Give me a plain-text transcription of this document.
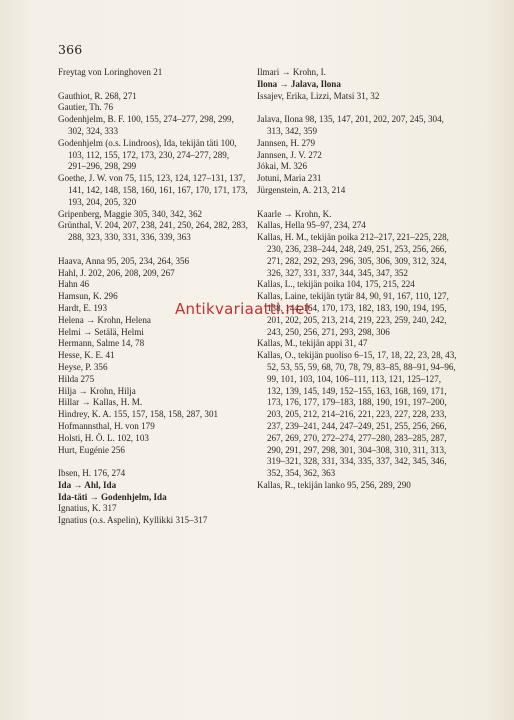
366
Freytag von Loringhoven 21
Gauthiot, R. 268, 271
Gautier, Th. 76
Godenhjelm, B. F. 100, 155, 274–277, 298, 299, 302, 324, 333
Godenhjelm (o.s. Lindroos), Ida, tekijän täti 100, 103, 112, 155, 172, 173, 230, 274–277, 289, 291–296, 298, 299
Goethe, J. W. von 75, 115, 123, 124, 127–131, 137, 141, 142, 148, 158, 160, 161, 167, 170, 171, 173, 193, 204, 205, 320
Gripenberg, Maggie 305, 340, 342, 362
Grünthal, V. 204, 207, 238, 241, 250, 264, 282, 283, 288, 323, 330, 331, 336, 339, 363
Haava, Anna 95, 205, 234, 264, 356
Hahl, J. 202, 206, 208, 209, 267
Hahn 46
Hamsun, K. 296
Hardt, E. 193
Helena → Krohn, Helena
Helmi → Setälä, Helmi
Hermann, Salme 14, 78
Hesse, K. E. 41
Heyse, P. 356
Hilda 275
Hilja → Krohn, Hilja
Hillar → Kallas, H. M.
Hindrey, K. A. 155, 157, 158, 158, 287, 301
Hofmannsthal, H. von 179
Holsti, H. Ö. L. 102, 103
Hurt, Eugénie 256
Ibsen, H. 176, 274
Ida → Ahl, Ida
Ida-täti → Godenhjelm, Ida
Ignatius, K. 317
Ignatius (o.s. Aspelin), Kyllikki 315–317
Ilmari → Krohn, I.
Ilona → Jalava, Ilona
Issajev, Erika, Lizzi, Matsi 31, 32
Jalava, Ilona 98, 135, 147, 201, 202, 207, 245, 304, 313, 342, 359
Jannsen, H. 279
Jannsen, J. V. 272
Jókai, M. 326
Jotuni, Maria 231
Jürgenstein, A. 213, 214
Kaarle → Krohn, K.
Kallas, Hella 95–97, 234, 274
Kallas, H. M., tekijän poika 212–217, 221–225, 228, 230, 236, 238–244, 248, 249, 251, 253, 256, 266, 271, 282, 292, 293, 296, 305, 306, 309, 312, 324, 326, 327, 331, 337, 344, 345, 347, 352
Kallas, L., tekijän poika 104, 175, 215, 224
Kallas, Laine, tekijän tytär 84, 90, 91, 167, 110, 127, 138, 144, 164, 170, 173, 182, 183, 190, 194, 195, 201, 202, 205, 213, 214, 219, 223, 259, 240, 242, 243, 250, 256, 271, 293, 298, 306
Kallas, M., tekijän appi 31, 47
Kallas, O., tekijän puoliso 6–15, 17, 18, 22, 23, 28, 43, 52, 53, 55, 59, 68, 70, 78, 79, 83–85, 88–91, 94–96, 99, 101, 103, 104, 106–111, 113, 121, 125–127, 132, 139, 145, 149, 152–155, 163, 168, 169, 171, 173, 176, 177, 179–183, 188, 190, 191, 197–200, 203, 205, 212, 214–216, 221, 223, 227, 228, 233, 237, 239–241, 244, 247–249, 251, 255, 256, 266, 267, 269, 270, 272–274, 277–280, 283–285, 287, 290, 291, 297, 298, 301, 304–308, 310, 311, 313, 319–321, 328, 331, 334, 335, 337, 342, 345, 346, 352, 354, 362, 363
Kallas, R., tekijän lanko 95, 256, 289, 290
Antikvariaatti.net
